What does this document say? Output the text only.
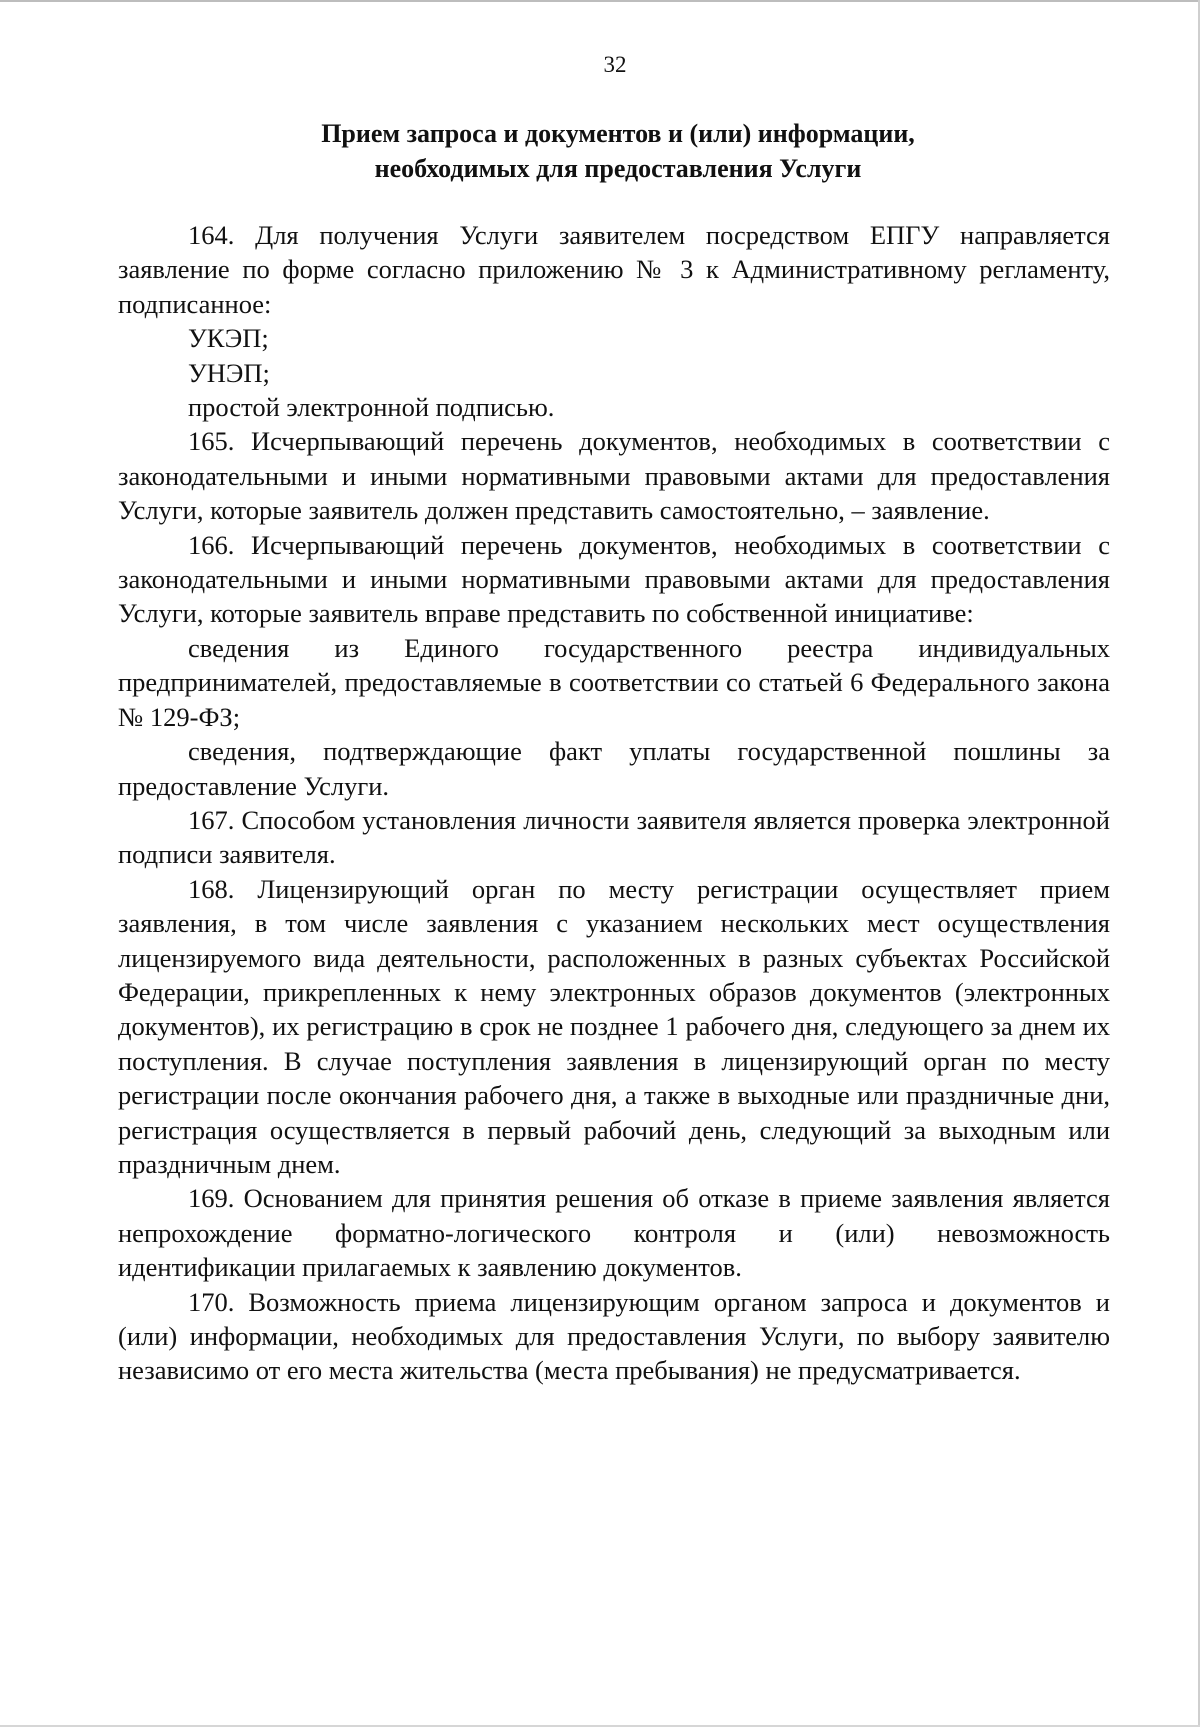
32
Прием запроса и документов и (или) информации,
необходимых для предоставления Услуги

164. Для получения Услуги заявителем посредством ЕПГУ направляется заявление по форме согласно приложению № 3 к Административному регламенту, подписанное:

УКЭП;

УНЭП;

простой электронной подписью.

165. Исчерпывающий перечень документов, необходимых в соответствии с законодательными и иными нормативными правовыми актами для предоставления Услуги, которые заявитель должен представить самостоятельно, – заявление.

166. Исчерпывающий перечень документов, необходимых в соответствии с законодательными и иными нормативными правовыми актами для предоставления Услуги, которые заявитель вправе представить по собственной инициативе:

сведения из Единого государственного реестра индивидуальных предпринимателей, предоставляемые в соответствии со статьей 6 Федерального закона № 129-ФЗ;

сведения, подтверждающие факт уплаты государственной пошлины за предоставление Услуги.

167. Способом установления личности заявителя является проверка электронной подписи заявителя.

168. Лицензирующий орган по месту регистрации осуществляет прием заявления, в том числе заявления с указанием нескольких мест осуществления лицензируемого вида деятельности, расположенных в разных субъектах Российской Федерации, прикрепленных к нему электронных образов документов (электронных документов), их регистрацию в срок не позднее 1 рабочего дня, следующего за днем их поступления. В случае поступления заявления в лицензирующий орган по месту регистрации после окончания рабочего дня, а также в выходные или праздничные дни, регистрация осуществляется в первый рабочий день, следующий за выходным или праздничным днем.

169. Основанием для принятия решения об отказе в приеме заявления является непрохождение форматно-логического контроля и (или) невозможность идентификации прилагаемых к заявлению документов.

170. Возможность приема лицензирующим органом запроса и документов и (или) информации, необходимых для предоставления Услуги, по выбору заявителю независимо от его места жительства (места пребывания) не предусматривается.
